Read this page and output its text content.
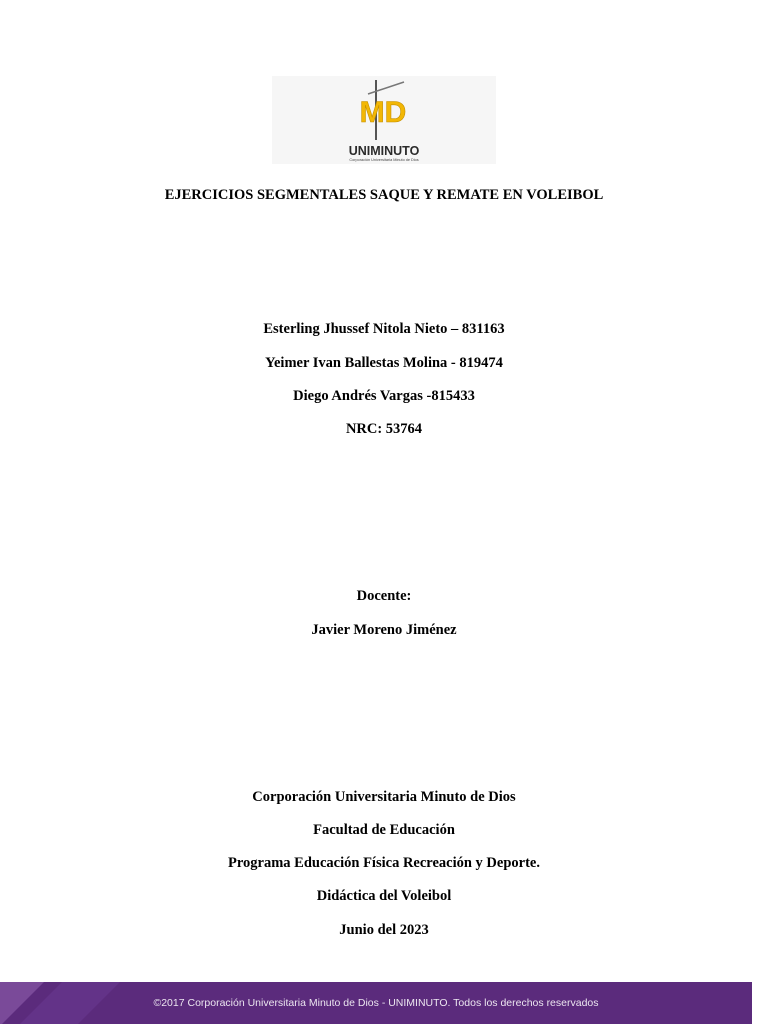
MD
UNIMINUTO
Corporación Universitaria Minuto de Dios
EJERCICIOS SEGMENTALES SAQUE Y REMATE EN VOLEIBOL
Esterling Jhussef Nitola Nieto – 831163
Yeimer Ivan Ballestas Molina - 819474
Diego Andrés Vargas -815433
NRC: 53764
Docente:
Javier Moreno Jiménez
Corporación Universitaria Minuto de Dios
Facultad de Educación
Programa Educación Física Recreación y Deporte.
Didáctica del Voleibol
Junio del 2023
©2017 Corporación Universitaria Minuto de Dios - UNIMINUTO. Todos los derechos reservados
